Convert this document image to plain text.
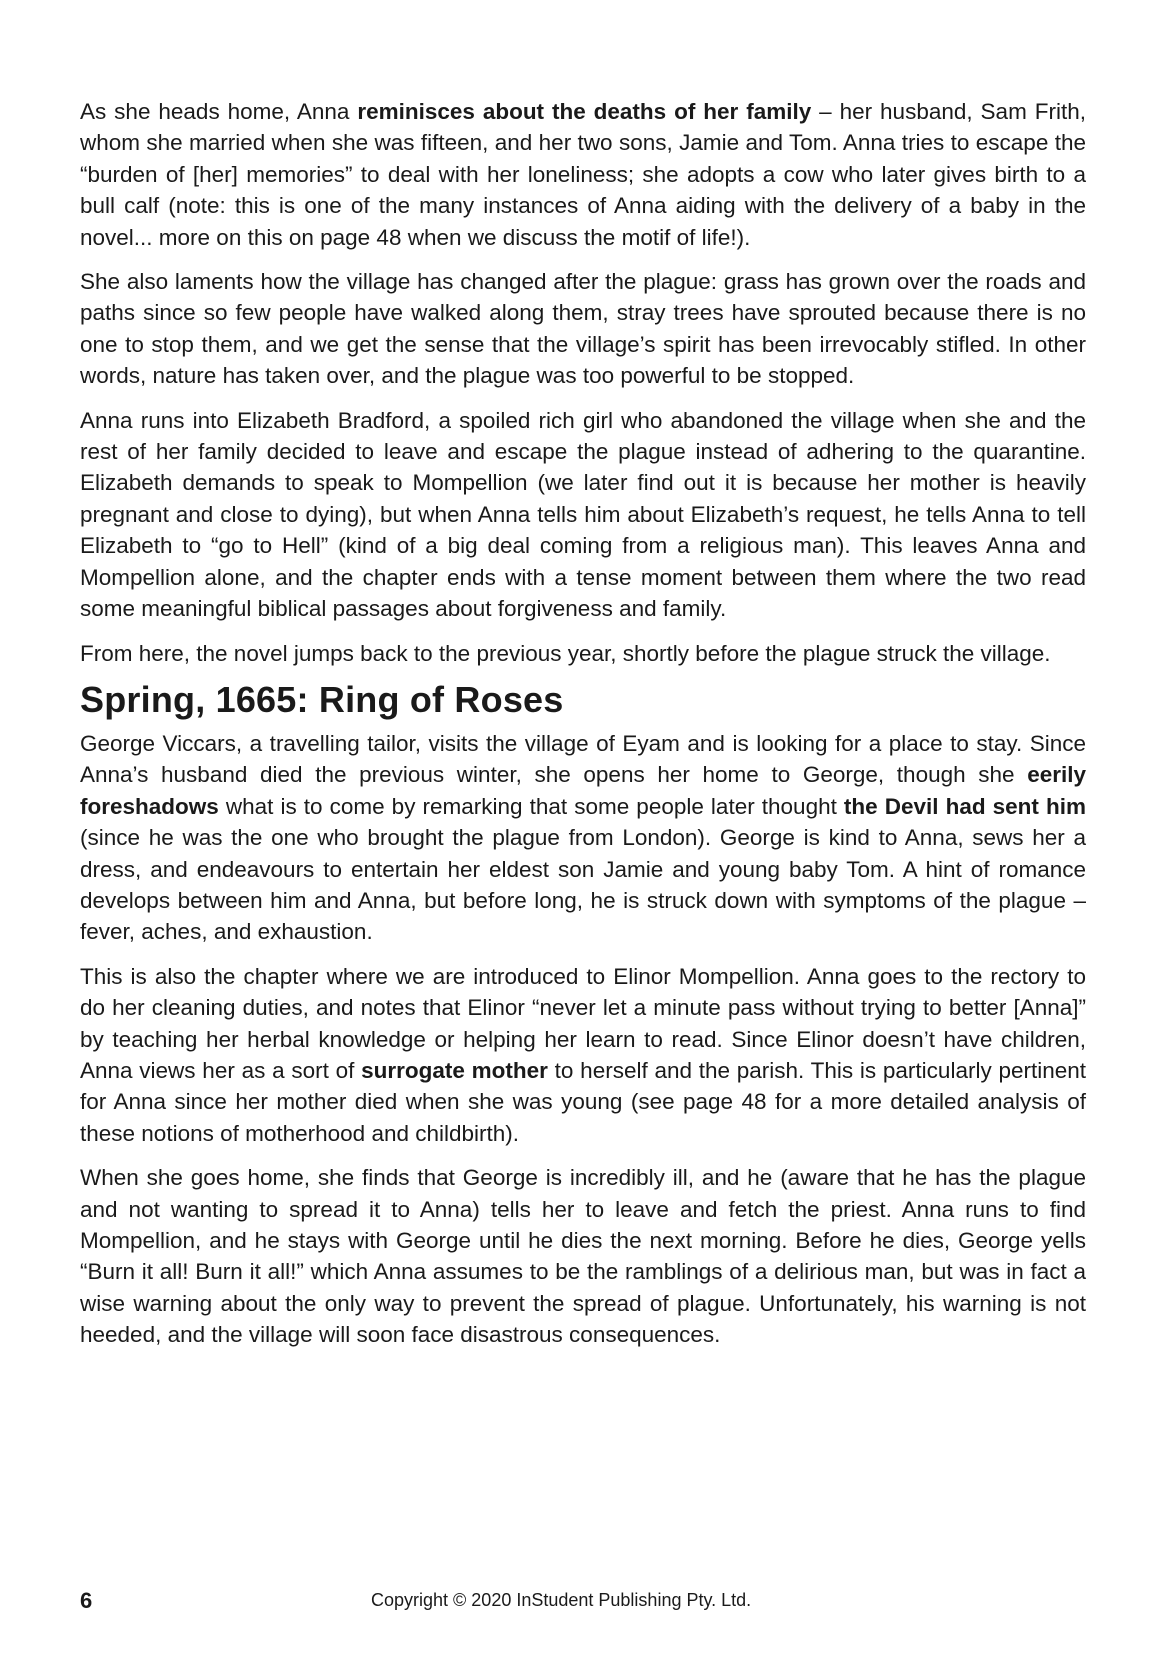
As she heads home, Anna reminisces about the deaths of her family – her husband, Sam Frith, whom she married when she was fifteen, and her two sons, Jamie and Tom. Anna tries to escape the “burden of [her] memories” to deal with her loneliness; she adopts a cow who later gives birth to a bull calf (note: this is one of the many instances of Anna aiding with the delivery of a baby in the novel... more on this on page 48 when we discuss the motif of life!).

She also laments how the village has changed after the plague: grass has grown over the roads and paths since so few people have walked along them, stray trees have sprouted because there is no one to stop them, and we get the sense that the village’s spirit has been irrevocably stifled. In other words, nature has taken over, and the plague was too powerful to be stopped.

Anna runs into Elizabeth Bradford, a spoiled rich girl who abandoned the village when she and the rest of her family decided to leave and escape the plague instead of adhering to the quarantine. Elizabeth demands to speak to Mompellion (we later find out it is because her mother is heavily pregnant and close to dying), but when Anna tells him about Elizabeth’s request, he tells Anna to tell Elizabeth to “go to Hell” (kind of a big deal coming from a religious man). This leaves Anna and Mompellion alone, and the chapter ends with a tense moment between them where the two read some meaningful biblical passages about forgiveness and family.

From here, the novel jumps back to the previous year, shortly before the plague struck the village.

Spring, 1665: Ring of Roses

George Viccars, a travelling tailor, visits the village of Eyam and is looking for a place to stay. Since Anna’s husband died the previous winter, she opens her home to George, though she eerily foreshadows what is to come by remarking that some people later thought the Devil had sent him (since he was the one who brought the plague from London). George is kind to Anna, sews her a dress, and endeavours to entertain her eldest son Jamie and young baby Tom. A hint of romance develops between him and Anna, but before long, he is struck down with symptoms of the plague – fever, aches, and exhaustion.

This is also the chapter where we are introduced to Elinor Mompellion. Anna goes to the rectory to do her cleaning duties, and notes that Elinor “never let a minute pass without trying to better [Anna]” by teaching her herbal knowledge or helping her learn to read. Since Elinor doesn’t have children, Anna views her as a sort of surrogate mother to herself and the parish. This is particularly pertinent for Anna since her mother died when she was young (see page 48 for a more detailed analysis of these notions of motherhood and childbirth).

When she goes home, she finds that George is incredibly ill, and he (aware that he has the plague and not wanting to spread it to Anna) tells her to leave and fetch the priest. Anna runs to find Mompellion, and he stays with George until he dies the next morning. Before he dies, George yells “Burn it all! Burn it all!” which Anna assumes to be the ramblings of a delirious man, but was in fact a wise warning about the only way to prevent the spread of plague. Unfortunately, his warning is not heeded, and the village will soon face disastrous consequences.

6	Copyright © 2020 InStudent Publishing Pty. Ltd.
